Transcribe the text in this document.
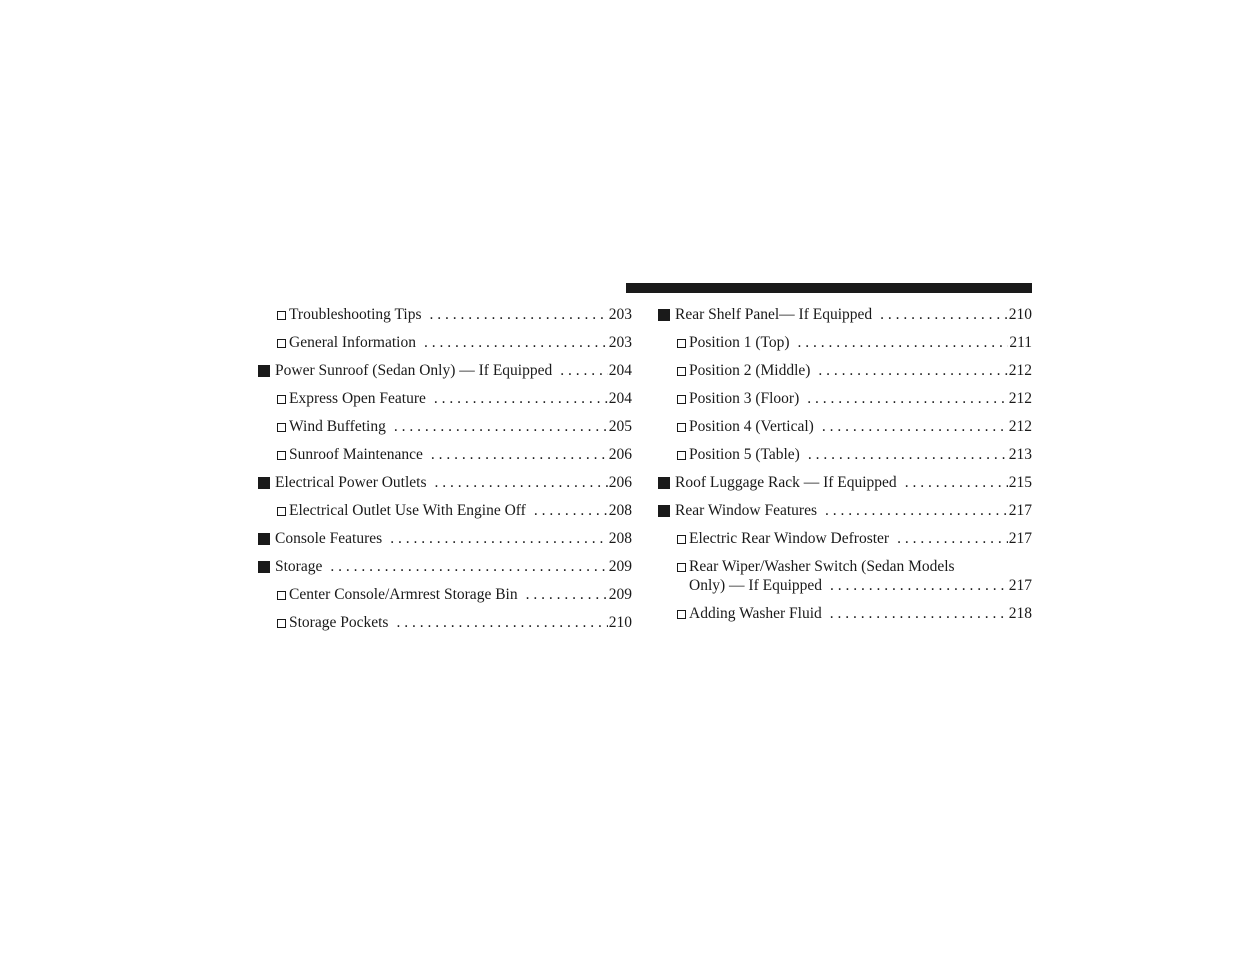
Troubleshooting Tips . . .	203
General Information . . .	203
Power Sunroof (Sedan Only) — If Equipped . . .	204
Express Open Feature . . .	204
Wind Buffeting . . .	205
Sunroof Maintenance . . .	206
Electrical Power Outlets . . .	206
Electrical Outlet Use With Engine Off . . .	208
Console Features . . .	208
Storage . . .	209
Center Console/Armrest Storage Bin . . .	209
Storage Pockets . . .	210
Rear Shelf Panel— If Equipped . . .	210
Position 1 (Top) . . .	211
Position 2 (Middle) . . .	212
Position 3 (Floor) . . .	212
Position 4 (Vertical) . . .	212
Position 5 (Table) . . .	213
Roof Luggage Rack — If Equipped . . .	215
Rear Window Features . . .	217
Electric Rear Window Defroster . . .	217
Rear Wiper/Washer Switch (Sedan Models
Only) — If Equipped . . .	217
Adding Washer Fluid . . .	218
